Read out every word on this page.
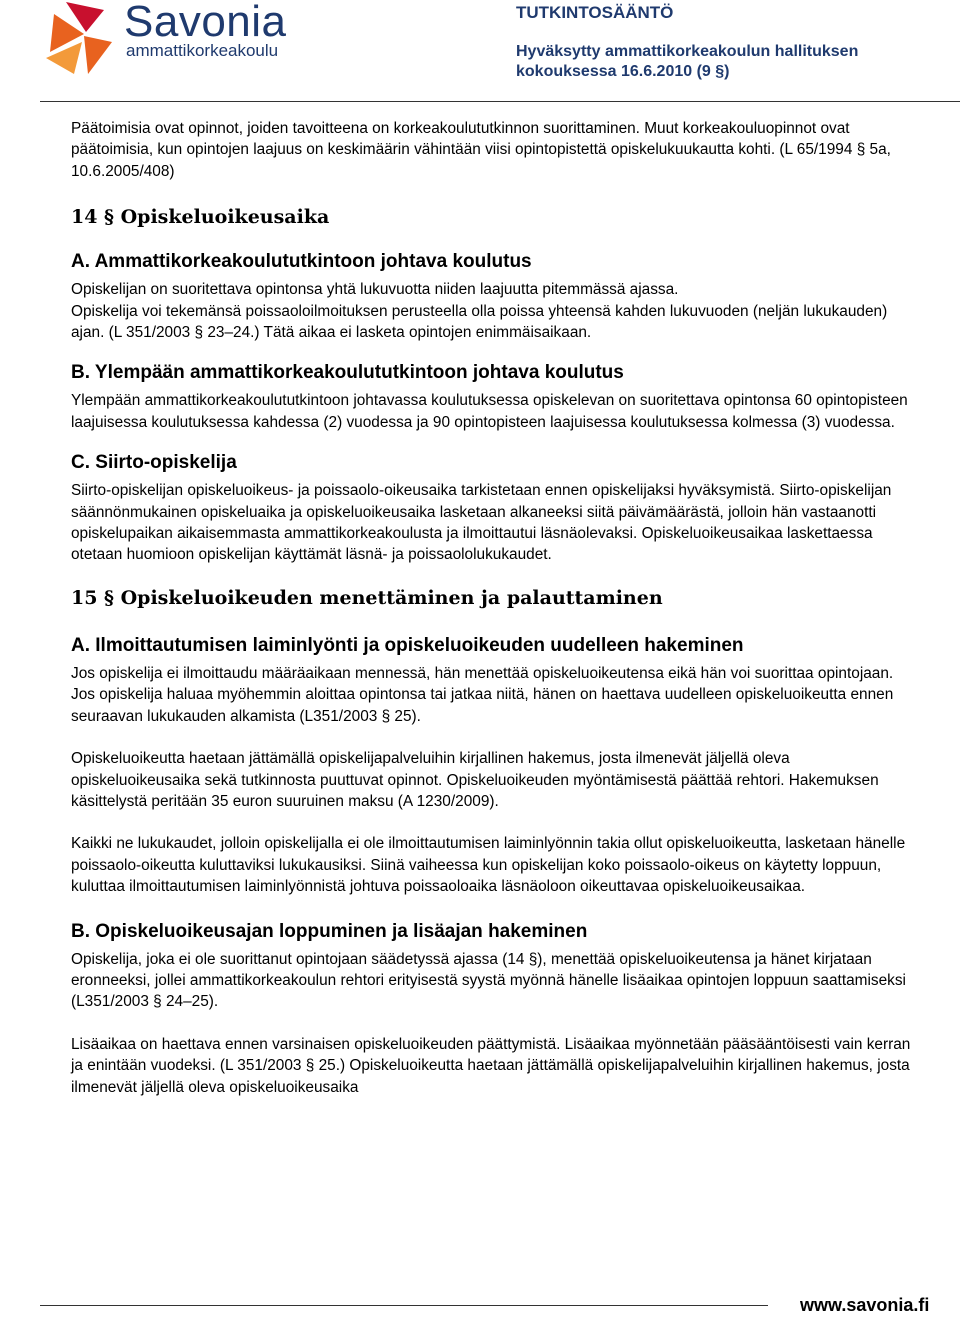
Savonia
ammattikorkeakoulu
TUTKINTOSÄÄNTÖ
Hyväksytty ammattikorkeakoulun hallituksen
kokouksessa 16.6.2010 (9 §)

Päätoimisia ovat opinnot, joiden tavoitteena on korkeakoulututkinnon suorittaminen. Muut korkeakouluopinnot ovat päätoimisia, kun opintojen laajuus on keskimäärin vähintään viisi opintopistettä opiskelukuukautta kohti. (L 65/1994 § 5a, 10.6.2005/408)

14 § Opiskeluoikeusaika
A. Ammattikorkeakoulututkintoon johtava koulutus

Opiskelijan on suoritettava opintonsa yhtä lukuvuotta niiden laajuutta pitemmässä ajassa.

Opiskelija voi tekemänsä poissaoloilmoituksen perusteella olla poissa yhteensä kahden lukuvuoden (neljän lukukauden) ajan. (L 351/2003 § 23–24.) Tätä aikaa ei lasketa opintojen enimmäisaikaan.

B. Ylempään ammattikorkeakoulututkintoon johtava koulutus

Ylempään ammattikorkeakoulututkintoon johtavassa koulutuksessa opiskelevan on suoritettava opintonsa 60 opintopisteen laajuisessa koulutuksessa kahdessa (2) vuodessa ja 90 opintopisteen laajuisessa koulutuksessa kolmessa (3) vuodessa.

C. Siirto-opiskelija

Siirto-opiskelijan opiskeluoikeus- ja poissaolo-oikeusaika tarkistetaan ennen opiskelijaksi hyväksymistä. Siirto-opiskelijan säännönmukainen opiskeluaika ja opiskeluoikeusaika lasketaan alkaneeksi siitä päivämäärästä, jolloin hän vastaanotti opiskelupaikan aikaisemmasta ammattikorkeakoulusta ja ilmoittautui läsnäolevaksi. Opiskeluoikeusaikaa laskettaessa otetaan huomioon opiskelijan käyttämät läsnä- ja poissaololukukaudet.

15 § Opiskeluoikeuden menettäminen ja palauttaminen
A. Ilmoittautumisen laiminlyönti ja opiskeluoikeuden uudelleen hakeminen

Jos opiskelija ei ilmoittaudu määräaikaan mennessä, hän menettää opiskeluoikeutensa eikä hän voi suorittaa opintojaan. Jos opiskelija haluaa myöhemmin aloittaa opintonsa tai jatkaa niitä, hänen on haettava uudelleen opiskeluoikeutta ennen seuraavan lukukauden alkamista (L351/2003 § 25).

Opiskeluoikeutta haetaan jättämällä opiskelijapalveluihin kirjallinen hakemus, josta ilmenevät jäljellä oleva opiskeluoikeusaika sekä tutkinnosta puuttuvat opinnot. Opiskeluoikeuden myöntämisestä päättää rehtori. Hakemuksen käsittelystä peritään 35 euron suuruinen maksu (A 1230/2009).

Kaikki ne lukukaudet, jolloin opiskelijalla ei ole ilmoittautumisen laiminlyönnin takia ollut opiskeluoikeutta, lasketaan hänelle poissaolo-oikeutta kuluttaviksi lukukausiksi. Siinä vaiheessa kun opiskelijan koko poissaolo-oikeus on käytetty loppuun, kuluttaa ilmoittautumisen laiminlyönnistä johtuva poissaoloaika läsnäoloon oikeuttavaa opiskeluoikeusaikaa.

B. Opiskeluoikeusajan loppuminen ja lisäajan hakeminen

Opiskelija, joka ei ole suorittanut opintojaan säädetyssä ajassa (14 §), menettää opiskeluoikeutensa ja hänet kirjataan eronneeksi, jollei ammattikorkeakoulun rehtori erityisestä syystä myönnä hänelle lisäaikaa opintojen loppuun saattamiseksi (L351/2003 § 24–25).

Lisäaikaa on haettava ennen varsinaisen opiskeluoikeuden päättymistä. Lisäaikaa myönnetään pääsääntöisesti vain kerran ja enintään vuodeksi. (L 351/2003 § 25.) Opiskeluoikeutta haetaan jättämällä opiskelijapalveluihin kirjallinen hakemus, josta ilmenevät jäljellä oleva opiskeluoikeusaika

www.savonia.fi
